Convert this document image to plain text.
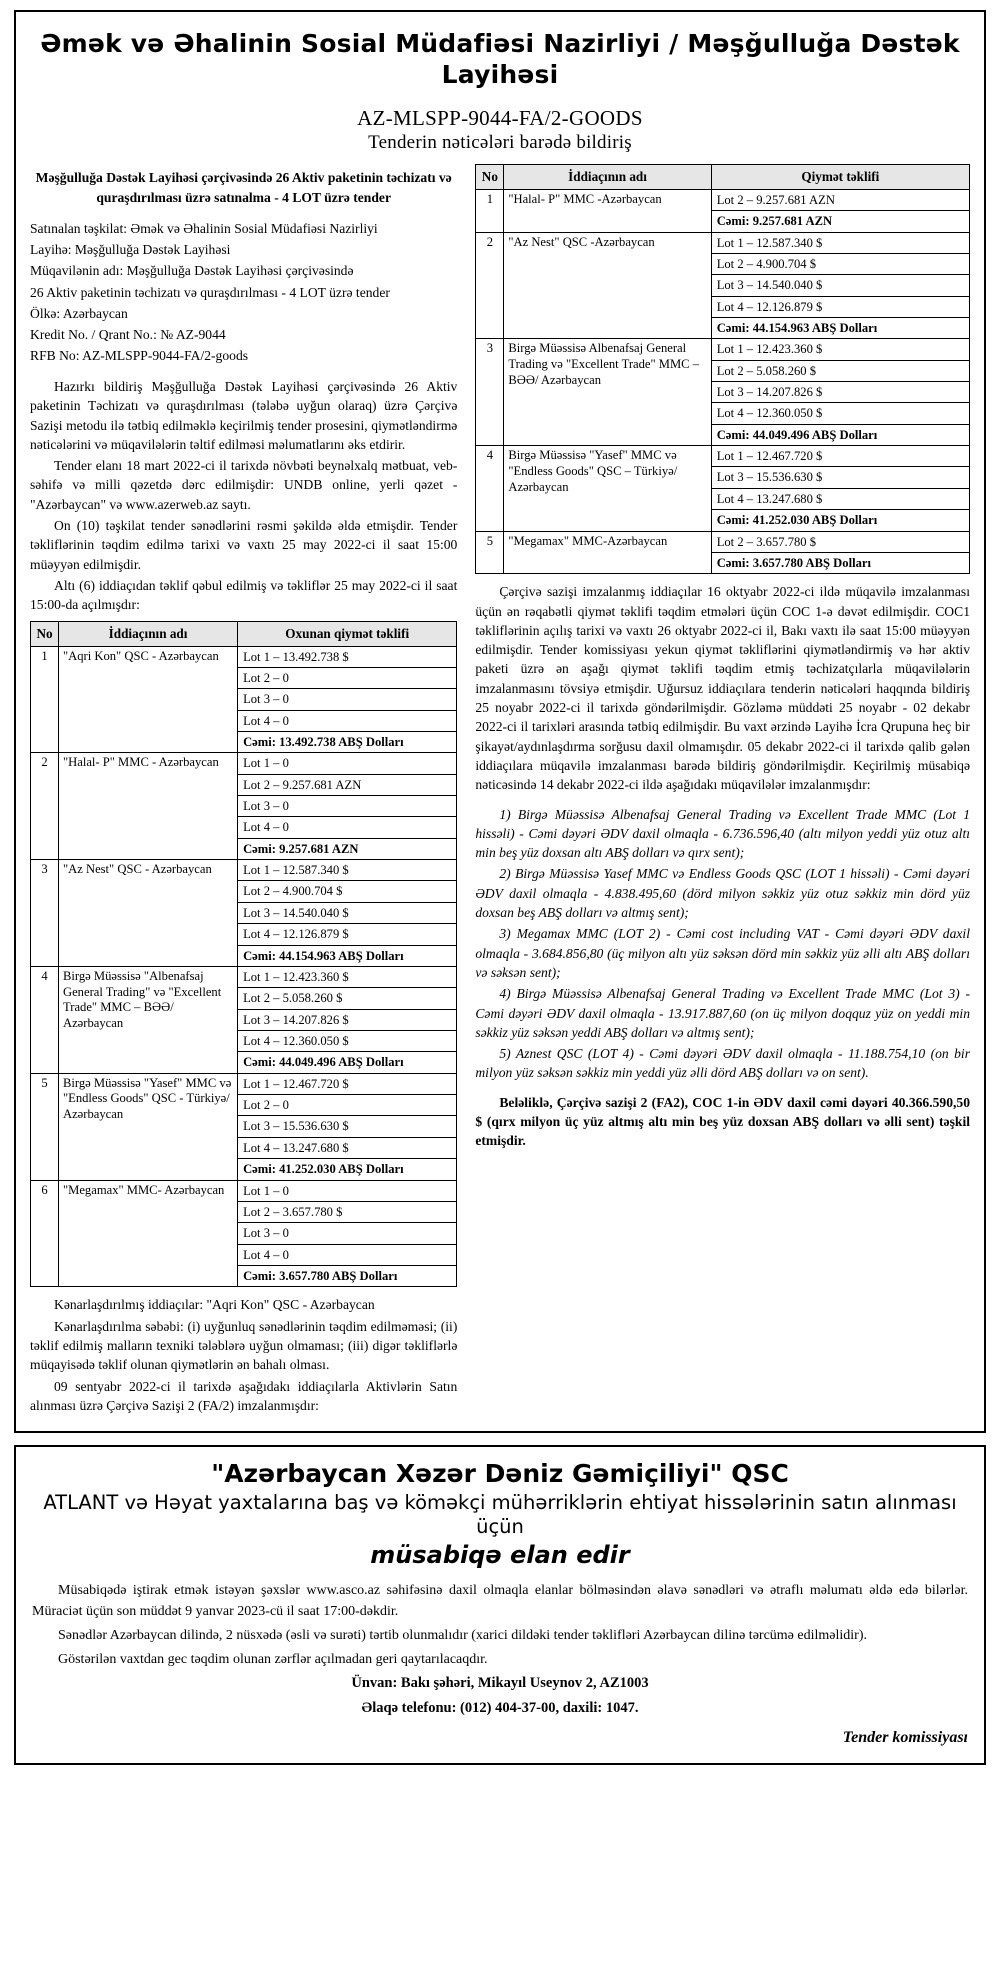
Əmək və Əhalinin Sosial Müdafiəsi Nazirliyi / Məşğulluğa Dəstək Layihəsi
AZ-MLSPP-9044-FA/2-GOODS
Tenderin nəticələri barədə bildiriş
Məşğulluğa Dəstək Layihəsi çərçivəsində 26 Aktiv paketinin təchizatı və quraşdırılması üzrə satınalma - 4 LOT üzrə tender
Satınalan təşkilat: Əmək və Əhalinin Sosial Müdafiəsi Nazirliyi
Layihə: Məşğulluğa Dəstək Layihəsi
Müqavilənin adı: Məşğulluğa Dəstək Layihəsi çərçivəsində
26 Aktiv paketinin təchizatı və quraşdırılması - 4 LOT üzrə tender
Ölkə: Azərbaycan
Kredit No. / Qrant No.: № AZ-9044
RFB No: AZ-MLSPP-9044-FA/2-goods

Hazırkı bildiriş Məşğulluğa Dəstək Layihəsi çərçivəsində 26 Aktiv paketinin Təchizatı və quraşdırılması (tələbə uyğun olaraq) üzrə Çərçivə Sazişi metodu ilə tətbiq edilməklə keçirilmiş tender prosesini, qiymətləndirmə nəticələrini və müqavilələrin təltif edilməsi məlumatlarını əks etdirir.

Tender elanı 18 mart 2022-ci il tarixdə növbəti beynəlxalq mətbuat, veb-səhifə və milli qəzetdə dərc edilmişdir: UNDB online, yerli qəzet - "Azərbaycan" və www.azerweb.az saytı.

On (10) təşkilat tender sənədlərini rəsmi şəkildə əldə etmişdir. Tender təkliflərinin təqdim edilmə tarixi və vaxtı 25 may 2022-ci il saat 15:00 müəyyən edilmişdir.

Altı (6) iddiaçıdan təklif qəbul edilmiş və təkliflər 25 may 2022-ci il saat 15:00-da açılmışdır:

No	İddiaçının adı	Oxunan qiymət təklifi
1	"Aqri Kon" QSC - Azərbaycan	Lot 1 – 13.492.738 $
Lot 2 – 0
Lot 3 – 0
Lot 4 – 0
Cəmi: 13.492.738 ABŞ Dolları

2	"Halal- P" MMC - Azərbaycan	Lot 1 – 0
Lot 2 – 9.257.681 AZN
Lot 3 – 0
Lot 4 – 0
Cəmi: 9.257.681 AZN

3	"Az Nest" QSC - Azərbaycan	Lot 1 – 12.587.340 $
Lot 2 – 4.900.704 $
Lot 3 – 14.540.040 $
Lot 4 – 12.126.879 $
Cəmi: 44.154.963 ABŞ Dolları

4	Birgə Müəssisə "Albenafsaj General Trading" və "Excellent Trade" MMC – BƏƏ/ Azərbaycan	Lot 1 – 12.423.360 $
Lot 2 – 5.058.260 $
Lot 3 – 14.207.826 $
Lot 4 – 12.360.050 $
Cəmi: 44.049.496 ABŞ Dolları

5	Birgə Müəssisə "Yasef" MMC və "Endless Goods" QSC - Türkiyə/ Azərbaycan	Lot 1 – 12.467.720 $
Lot 2 – 0
Lot 3 – 15.536.630 $
Lot 4 – 13.247.680 $
Cəmi: 41.252.030 ABŞ Dolları

6	"Megamax" MMC- Azərbaycan	Lot 1 – 0
Lot 2 – 3.657.780 $
Lot 3 – 0
Lot 4 – 0
Cəmi: 3.657.780 ABŞ Dolları

Kənarlaşdırılmış iddiaçılar: "Aqri Kon" QSC - Azərbaycan

Kənarlaşdırılma səbəbi: (i) uyğunluq sənədlərinin təqdim edilməməsi; (ii) təklif edilmiş malların texniki tələblərə uyğun olmaması; (iii) digər təkliflərlə müqayisədə təklif olunan qiymətlərin ən bahalı olması.

09 sentyabr 2022-ci il tarixdə aşağıdakı iddiaçılarla Aktivlərin Satın alınması üzrə Çərçivə Sazişi 2 (FA/2) imzalanmışdır:

No	İddiaçının adı	Qiymət təklifi
1	"Halal- P" MMC -Azərbaycan	Lot 2 – 9.257.681 AZN
Cəmi: 9.257.681 AZN

2	"Az Nest" QSC -Azərbaycan	Lot 1 – 12.587.340 $
Lot 2 – 4.900.704 $
Lot 3 – 14.540.040 $
Lot 4 – 12.126.879 $
Cəmi: 44.154.963 ABŞ Dolları

3	Birgə Müəssisə Albenafsaj General Trading və "Excellent Trade" MMC –BƏƏ/ Azərbaycan	Lot 1 – 12.423.360 $
Lot 2 – 5.058.260 $
Lot 3 – 14.207.826 $
Lot 4 – 12.360.050 $
Cəmi: 44.049.496 ABŞ Dolları

4	Birgə Müəssisə "Yasef" MMC və "Endless Goods" QSC – Türkiyə/ Azərbaycan	Lot 1 – 12.467.720 $
Lot 3 – 15.536.630 $
Lot 4 – 13.247.680 $
Cəmi: 41.252.030 ABŞ Dolları

5	"Megamax" MMC-Azərbaycan	Lot 2 – 3.657.780 $
Cəmi: 3.657.780 ABŞ Dolları

Çərçivə sazişi imzalanmış iddiaçılar 16 oktyabr 2022-ci ildə müqavilə imzalanması üçün ən rəqabətli qiymət təklifi təqdim etmələri üçün COC 1-ə dəvət edilmişdir. COC1 təkliflərinin açılış tarixi və vaxtı 26 oktyabr 2022-ci il, Bakı vaxtı ilə saat 15:00 müəyyən edilmişdir. Tender komissiyası yekun qiymət təkliflərini qiymətləndirmiş və hər aktiv paketi üzrə ən aşağı qiymət təklifi təqdim etmiş təchizatçılarla müqavilələrin imzalanmasını tövsiyə etmişdir. Uğursuz iddiaçılara tenderin nəticələri haqqında bildiriş 25 noyabr 2022-ci il tarixdə göndərilmişdir. Gözləmə müddəti 25 noyabr - 02 dekabr 2022-ci il tarixləri arasında tətbiq edilmişdir. Bu vaxt ərzində Layihə İcra Qrupuna heç bir şikayət/aydınlaşdırma sorğusu daxil olmamışdır. 05 dekabr 2022-ci il tarixdə qalib gələn iddiaçılara müqavilə imzalanması barədə bildiriş göndərilmişdir. Keçirilmiş müsabiqə nəticəsində 14 dekabr 2022-ci ildə aşağıdakı müqavilələr imzalanmışdır:

1) Birgə Müəssisə Albenafsaj General Trading və Excellent Trade MMC (Lot 1 hissəli) - Cəmi dəyəri ƏDV daxil olmaqla - 6.736.596,40 (altı milyon yeddi yüz otuz altı min beş yüz doxsan altı ABŞ dolları və qırx sent);

2) Birgə Müəssisə Yasef MMC və Endless Goods QSC (LOT 1 hissəli) - Cəmi dəyəri ƏDV daxil olmaqla - 4.838.495,60 (dörd milyon səkkiz yüz otuz səkkiz min dörd yüz doxsan beş ABŞ dolları və altmış sent);

3) Megamax MMC (LOT 2) - Cəmi cost including VAT - Cəmi dəyəri ƏDV daxil olmaqla - 3.684.856,80 (üç milyon altı yüz səksən dörd min səkkiz yüz əlli altı ABŞ dolları və səksən sent);

4) Birgə Müəssisə Albenafsaj General Trading və Excellent Trade MMC (Lot 3) - Cəmi dəyəri ƏDV daxil olmaqla - 13.917.887,60 (on üç milyon doqquz yüz on yeddi min səkkiz yüz səksən yeddi ABŞ dolları və altmış sent);

5) Aznest QSC (LOT 4) - Cəmi dəyəri ƏDV daxil olmaqla - 11.188.754,10 (on bir milyon yüz səksən səkkiz min yeddi yüz əlli dörd ABŞ dolları və on sent).

Beləliklə, Çərçivə sazişi 2 (FA2), COC 1-in ƏDV daxil cəmi dəyəri 40.366.590,50 $ (qırx milyon üç yüz altmış altı min beş yüz doxsan ABŞ dolları və əlli sent) təşkil etmişdir.

"Azərbaycan Xəzər Dəniz Gəmiçiliyi" QSC
ATLANT və Həyat yaxtalarına baş və köməkçi mühərriklərin ehtiyat hissələrinin satın alınması üçün
müsabiqə elan edir

Müsabiqədə iştirak etmək istəyən şəxslər www.asco.az səhifəsinə daxil olmaqla elanlar bölməsindən əlavə sənədləri və ətraflı məlumatı əldə edə bilərlər. Müraciət üçün son müddət 9 yanvar 2023-cü il saat 17:00-dəkdir.

Sənədlər Azərbaycan dilində, 2 nüsxədə (əsli və surəti) tərtib olunmalıdır (xarici dildəki tender təklifləri Azərbaycan dilinə tərcümə edilməlidir).

Göstərilən vaxtdan gec təqdim olunan zərflər açılmadan geri qaytarılacaqdır.

Ünvan: Bakı şəhəri, Mikayıl Useynov 2, AZ1003

Əlaqə telefonu: (012) 404-37-00, daxili: 1047.

Tender komissiyası
